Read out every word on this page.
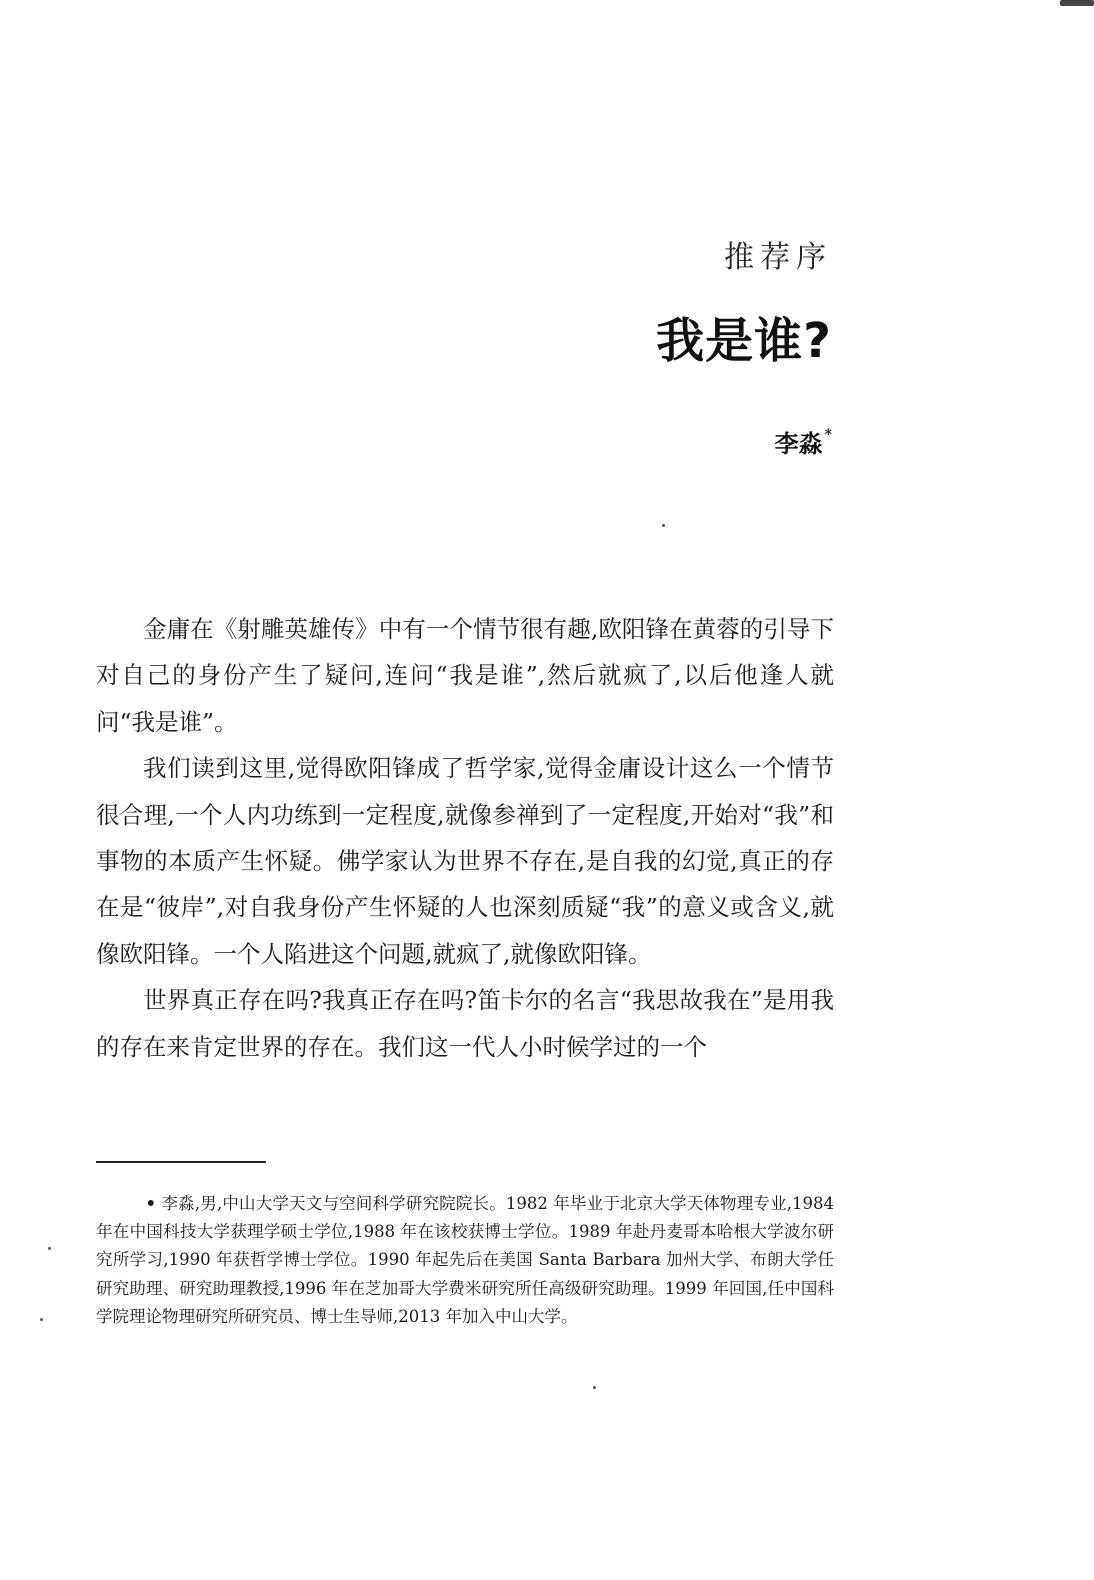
推荐序
我是谁?
李淼 *

金庸在《射雕英雄传》中有一个情节很有趣,欧阳锋在黄蓉的引导下对自己的身份产生了疑问,连问“我是谁”,然后就疯了,以后他逢人就问“我是谁”。

我们读到这里,觉得欧阳锋成了哲学家,觉得金庸设计这么一个情节很合理,一个人内功练到一定程度,就像参禅到了一定程度,开始对“我”和事物的本质产生怀疑。佛学家认为世界不存在,是自我的幻觉,真正的存在是“彼岸”,对自我身份产生怀疑的人也深刻质疑“我”的意义或含义,就像欧阳锋。一个人陷进这个问题,就疯了,就像欧阳锋。

世界真正存在吗?我真正存在吗?笛卡尔的名言“我思故我在”是用我的存在来肯定世界的存在。我们这一代人小时候学过的一个

• 李淼,男,中山大学天文与空间科学研究院院长。1982 年毕业于北京大学天体物理专业,1984 年在中国科技大学获理学硕士学位,1988 年在该校获博士学位。1989 年赴丹麦哥本哈根大学波尔研究所学习,1990 年获哲学博士学位。1990 年起先后在美国 Santa Barbara 加州大学、布朗大学任研究助理、研究助理教授,1996 年在芝加哥大学费米研究所任高级研究助理。1999 年回国,任中国科学院理论物理研究所研究员、博士生导师,2013 年加入中山大学。
